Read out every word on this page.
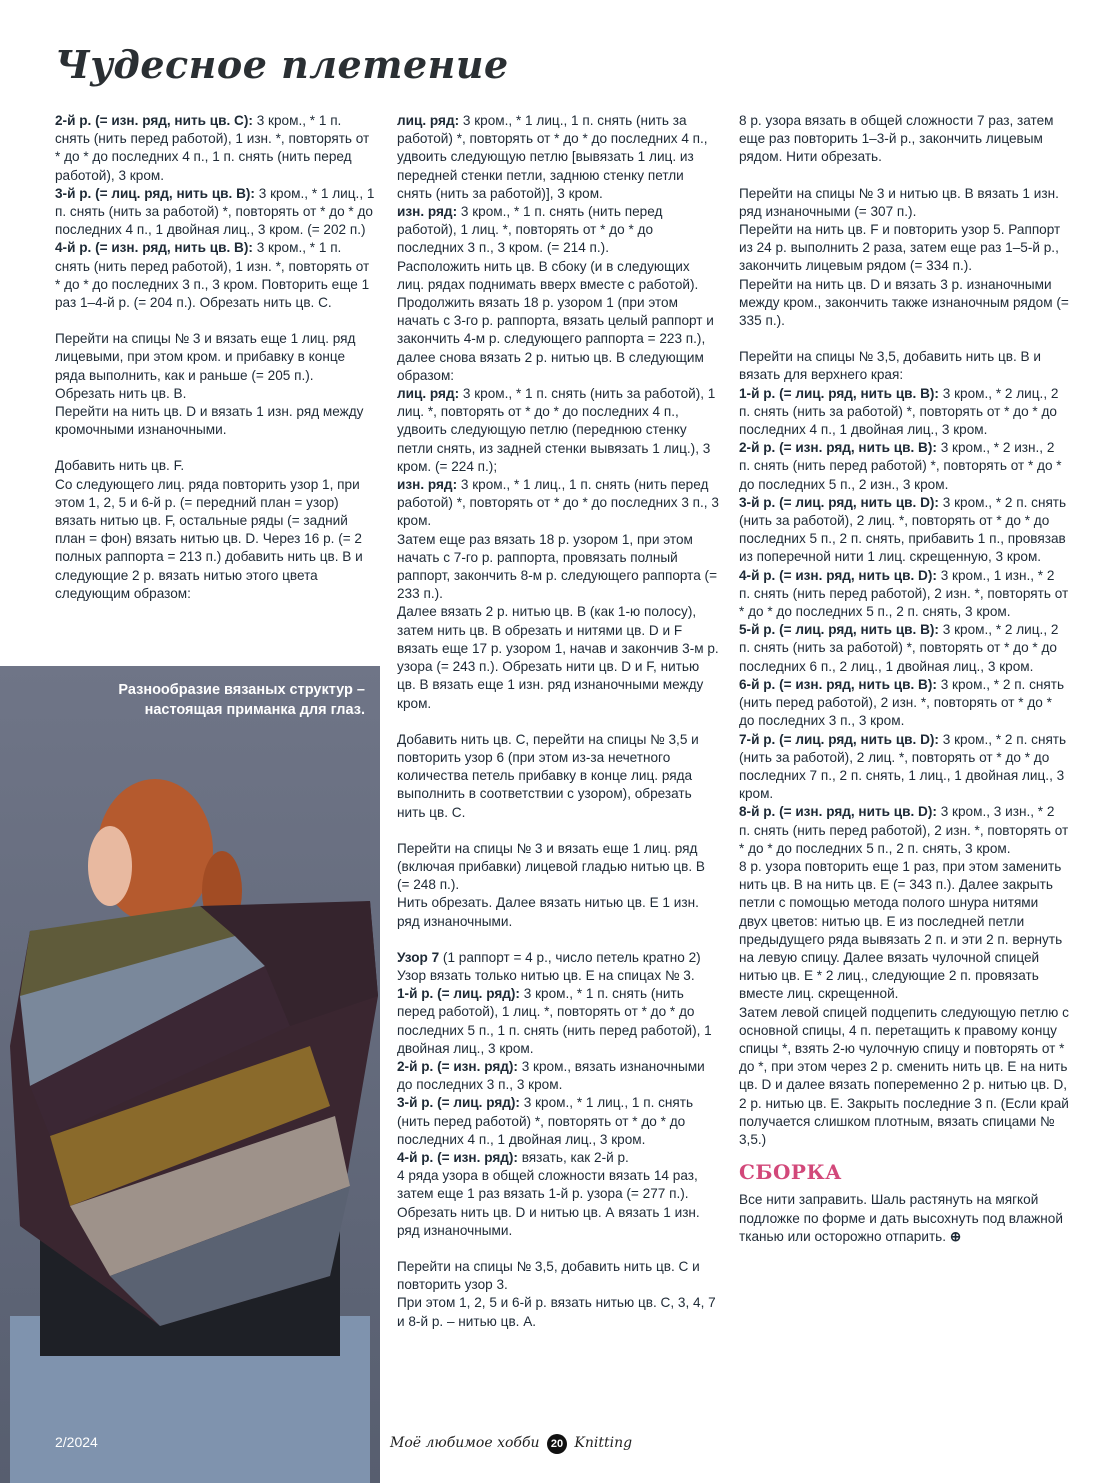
Чудесное плетение

2-й р. (= изн. ряд, нить цв. С): 3 кром., * 1 п. снять (нить перед работой), 1 изн. *, повторять от * до * до последних 4 п., 1 п. снять (нить перед работой), 3 кром.

3-й р. (= лиц. ряд, нить цв. В): 3 кром., * 1 лиц., 1 п. снять (нить за работой) *, повторять от * до * до последних 4 п., 1 двойная лиц., 3 кром. (= 202 п.)

4-й р. (= изн. ряд, нить цв. В): 3 кром., * 1 п. снять (нить перед работой), 1 изн. *, повторять от * до * до последних 3 п., 3 кром. Повторить еще 1 раз 1–4-й р. (= 204 п.). Обрезать нить цв. С.

Перейти на спицы № 3 и вязать еще 1 лиц. ряд лицевыми, при этом кром. и прибавку в конце ряда выполнить, как и раньше (= 205 п.). Обрезать нить цв. В.

Перейти на нить цв. D и вязать 1 изн. ряд между кромочными изнаночными.

Добавить нить цв. F.

Со следующего лиц. ряда повторить узор 1, при этом 1, 2, 5 и 6-й р. (= передний план = узор) вязать нитью цв. F, остальные ряды (= задний план = фон) вязать нитью цв. D. Через 16 р. (= 2 полных раппорта = 213 п.) добавить нить цв. В и следующие 2 р. вязать нитью этого цвета следующим образом:

лиц. ряд: 3 кром., * 1 лиц., 1 п. снять (нить за работой) *, повторять от * до * до последних 4 п., удвоить следующую петлю [вывязать 1 лиц. из передней стенки петли, заднюю стенку петли снять (нить за работой)], 3 кром.

изн. ряд: 3 кром., * 1 п. снять (нить перед работой), 1 лиц. *, повторять от * до * до последних 3 п., 3 кром. (= 214 п.).

Расположить нить цв. В сбоку (и в следующих лиц. рядах поднимать вверх вместе с работой).

Продолжить вязать 18 р. узором 1 (при этом начать с 3-го р. раппорта, вязать целый раппорт и закончить 4-м р. следующего раппорта = 223 п.), далее снова вязать 2 р. нитью цв. В следующим образом:

лиц. ряд: 3 кром., * 1 п. снять (нить за работой), 1 лиц. *, повторять от * до * до последних 4 п., удвоить следующую петлю (переднюю стенку петли снять, из задней стенки вывязать 1 лиц.), 3 кром. (= 224 п.);

изн. ряд: 3 кром., * 1 лиц., 1 п. снять (нить перед работой) *, повторять от * до * до последних 3 п., 3 кром.

Затем еще раз вязать 18 р. узором 1, при этом начать с 7-го р. раппорта, провязать полный раппорт, закончить 8-м р. следующего раппорта (= 233 п.).

Далее вязать 2 р. нитью цв. В (как 1-ю полосу), затем нить цв. В обрезать и нитями цв. D и F вязать еще 17 р. узором 1, начав и закончив 3-м р. узора (= 243 п.). Обрезать нити цв. D и F, нитью цв. В вязать еще 1 изн. ряд изнаночными между кром.

Добавить нить цв. С, перейти на спицы № 3,5 и повторить узор 6 (при этом из-за нечетного количества петель прибавку в конце лиц. ряда выполнить в соответствии с узором), обрезать нить цв. С.

Перейти на спицы № 3 и вязать еще 1 лиц. ряд (включая прибавки) лицевой гладью нитью цв. В (= 248 п.).

Нить обрезать. Далее вязать нитью цв. Е 1 изн. ряд изнаночными.

Узор 7 (1 раппорт = 4 р., число петель кратно 2)

Узор вязать только нитью цв. Е на спицах № 3.

1-й р. (= лиц. ряд): 3 кром., * 1 п. снять (нить перед работой), 1 лиц. *, повторять от * до * до последних 5 п., 1 п. снять (нить перед работой), 1 двойная лиц., 3 кром.

2-й р. (= изн. ряд): 3 кром., вязать изнаночными до последних 3 п., 3 кром.

3-й р. (= лиц. ряд): 3 кром., * 1 лиц., 1 п. снять (нить перед работой) *, повторять от * до * до последних 4 п., 1 двойная лиц., 3 кром.

4-й р. (= изн. ряд): вязать, как 2-й р.

4 ряда узора в общей сложности вязать 14 раз, затем еще 1 раз вязать 1-й р. узора (= 277 п.).

Обрезать нить цв. D и нитью цв. А вязать 1 изн. ряд изнаночными.

Перейти на спицы № 3,5, добавить нить цв. С и повторить узор 3.

При этом 1, 2, 5 и 6-й р. вязать нитью цв. С, 3, 4, 7 и 8-й р. – нитью цв. А.

8 р. узора вязать в общей сложности 7 раз, затем еще раз повторить 1–3-й р., закончить лицевым рядом. Нити обрезать.

Перейти на спицы № 3 и нитью цв. В вязать 1 изн. ряд изнаночными (= 307 п.).

Перейти на нить цв. F и повторить узор 5. Раппорт из 24 р. выполнить 2 раза, затем еще раз 1–5-й р., закончить лицевым рядом (= 334 п.).

Перейти на нить цв. D и вязать 3 р. изнаночными между кром., закончить также изнаночным рядом (= 335 п.).

Перейти на спицы № 3,5, добавить нить цв. В и вязать для верхнего края:

1-й р. (= лиц. ряд, нить цв. В): 3 кром., * 2 лиц., 2 п. снять (нить за работой) *, повторять от * до * до последних 4 п., 1 двойная лиц., 3 кром.

2-й р. (= изн. ряд, нить цв. В): 3 кром., * 2 изн., 2 п. снять (нить перед работой) *, повторять от * до * до последних 5 п., 2 изн., 3 кром.

3-й р. (= лиц. ряд, нить цв. D): 3 кром., * 2 п. снять (нить за работой), 2 лиц. *, повторять от * до * до последних 5 п., 2 п. снять, прибавить 1 п., провязав из поперечной нити 1 лиц. скрещенную, 3 кром.

4-й р. (= изн. ряд, нить цв. D): 3 кром., 1 изн., * 2 п. снять (нить перед работой), 2 изн. *, повторять от * до * до последних 5 п., 2 п. снять, 3 кром.

5-й р. (= лиц. ряд, нить цв. В): 3 кром., * 2 лиц., 2 п. снять (нить за работой) *, повторять от * до * до последних 6 п., 2 лиц., 1 двойная лиц., 3 кром.

6-й р. (= изн. ряд, нить цв. В): 3 кром., * 2 п. снять (нить перед работой), 2 изн. *, повторять от * до * до последних 3 п., 3 кром.

7-й р. (= лиц. ряд, нить цв. D): 3 кром., * 2 п. снять (нить за работой), 2 лиц. *, повторять от * до * до последних 7 п., 2 п. снять, 1 лиц., 1 двойная лиц., 3 кром.

8-й р. (= изн. ряд, нить цв. D): 3 кром., 3 изн., * 2 п. снять (нить перед работой), 2 изн. *, повторять от * до * до последних 5 п., 2 п. снять, 3 кром.

8 р. узора повторить еще 1 раз, при этом заменить нить цв. В на нить цв. Е (= 343 п.). Далее закрыть петли с помощью метода полого шнура нитями двух цветов: нитью цв. Е из последней петли предыдущего ряда вывязать 2 п. и эти 2 п. вернуть на левую спицу. Далее вязать чулочной спицей нитью цв. Е * 2 лиц., следующие 2 п. провязать вместе лиц. скрещенной.

Затем левой спицей подцепить следующую петлю с основной спицы, 4 п. перетащить к правому концу спицы *, взять 2-ю чулочную спицу и повторять от * до *, при этом через 2 р. сменить нить цв. Е на нить цв. D и далее вязать попеременно 2 р. нитью цв. D, 2 р. нитью цв. Е. Закрыть последние 3 п. (Если край получается слишком плотным, вязать спицами № 3,5.)

СБОРКА

Все нити заправить. Шаль растянуть на мягкой подложке по форме и дать высохнуть под влажной тканью или осторожно отпарить. ⊕

Разнообразие вязаных структур –
настоящая приманка для глаз.
2/2024	Моё любимое хобби 20 Knitting
